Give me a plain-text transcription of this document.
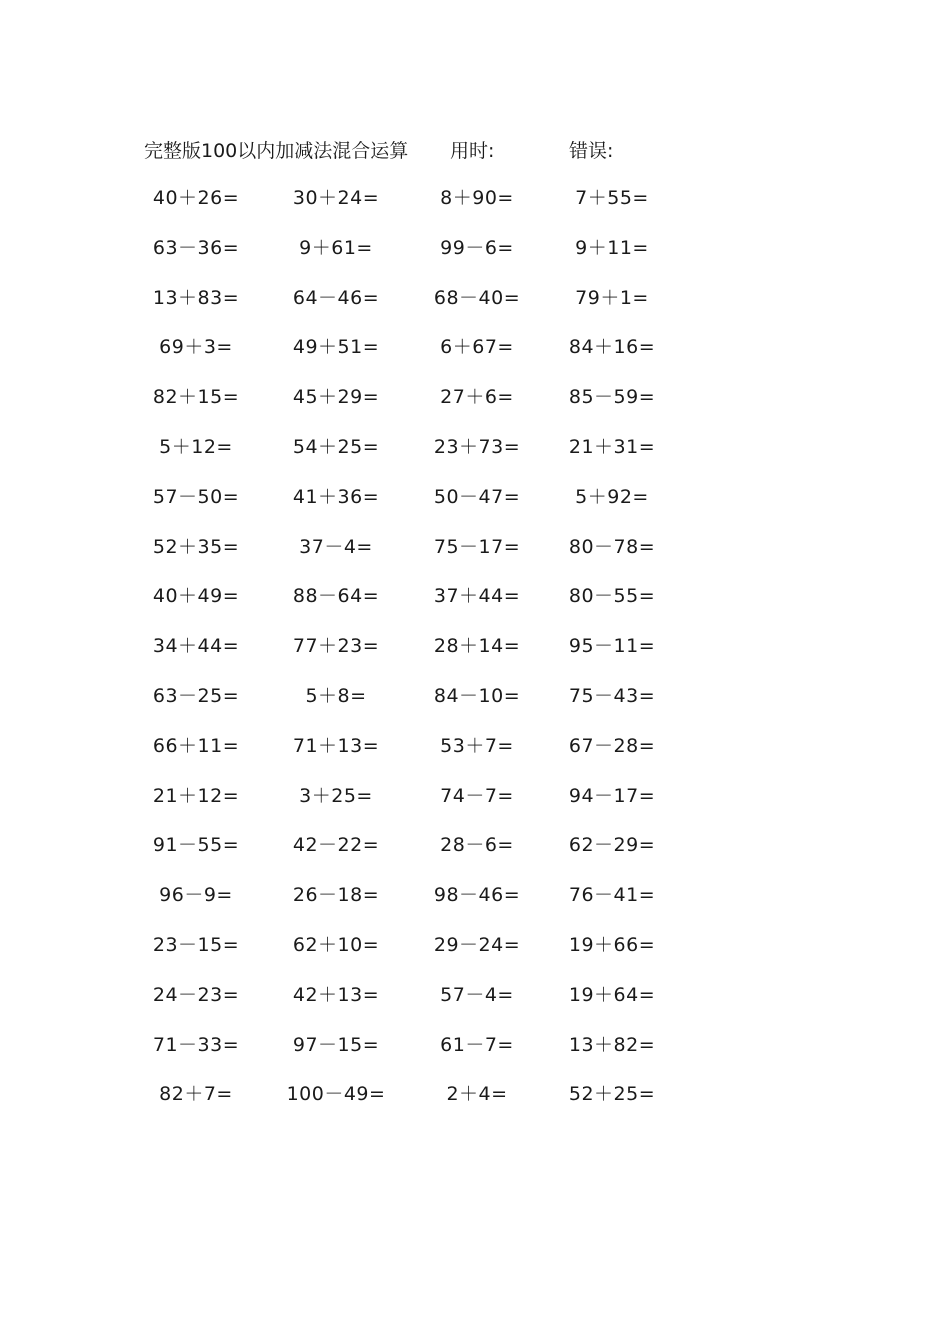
完整版100以内加减法混合运算 用时:	错误:
40＋26=	30＋24=	8＋90=	7＋55=
63－36=	9＋61=	99－6=	9＋11=
13＋83=	64－46=	68－40=	79＋1=
69＋3=	49＋51=	6＋67=	84＋16=
82＋15=	45＋29=	27＋6=	85－59=
5＋12=	54＋25=	23＋73=	21＋31=
57－50=	41＋36=	50－47=	5＋92=
52＋35=	37－4=	75－17=	80－78=
40＋49=	88－64=	37＋44=	80－55=
34＋44=	77＋23=	28＋14=	95－11=
63－25=	5＋8=	84－10=	75－43=
66＋11=	71＋13=	53＋7=	67－28=
21＋12=	3＋25=	74－7=	94－17=
91－55=	42－22=	28－6=	62－29=
96－9=	26－18=	98－46=	76－41=
23－15=	62＋10=	29－24=	19＋66=
24－23=	42＋13=	57－4=	19＋64=
71－33=	97－15=	61－7=	13＋82=
82＋7=	100－49=	2＋4=	52＋25=
